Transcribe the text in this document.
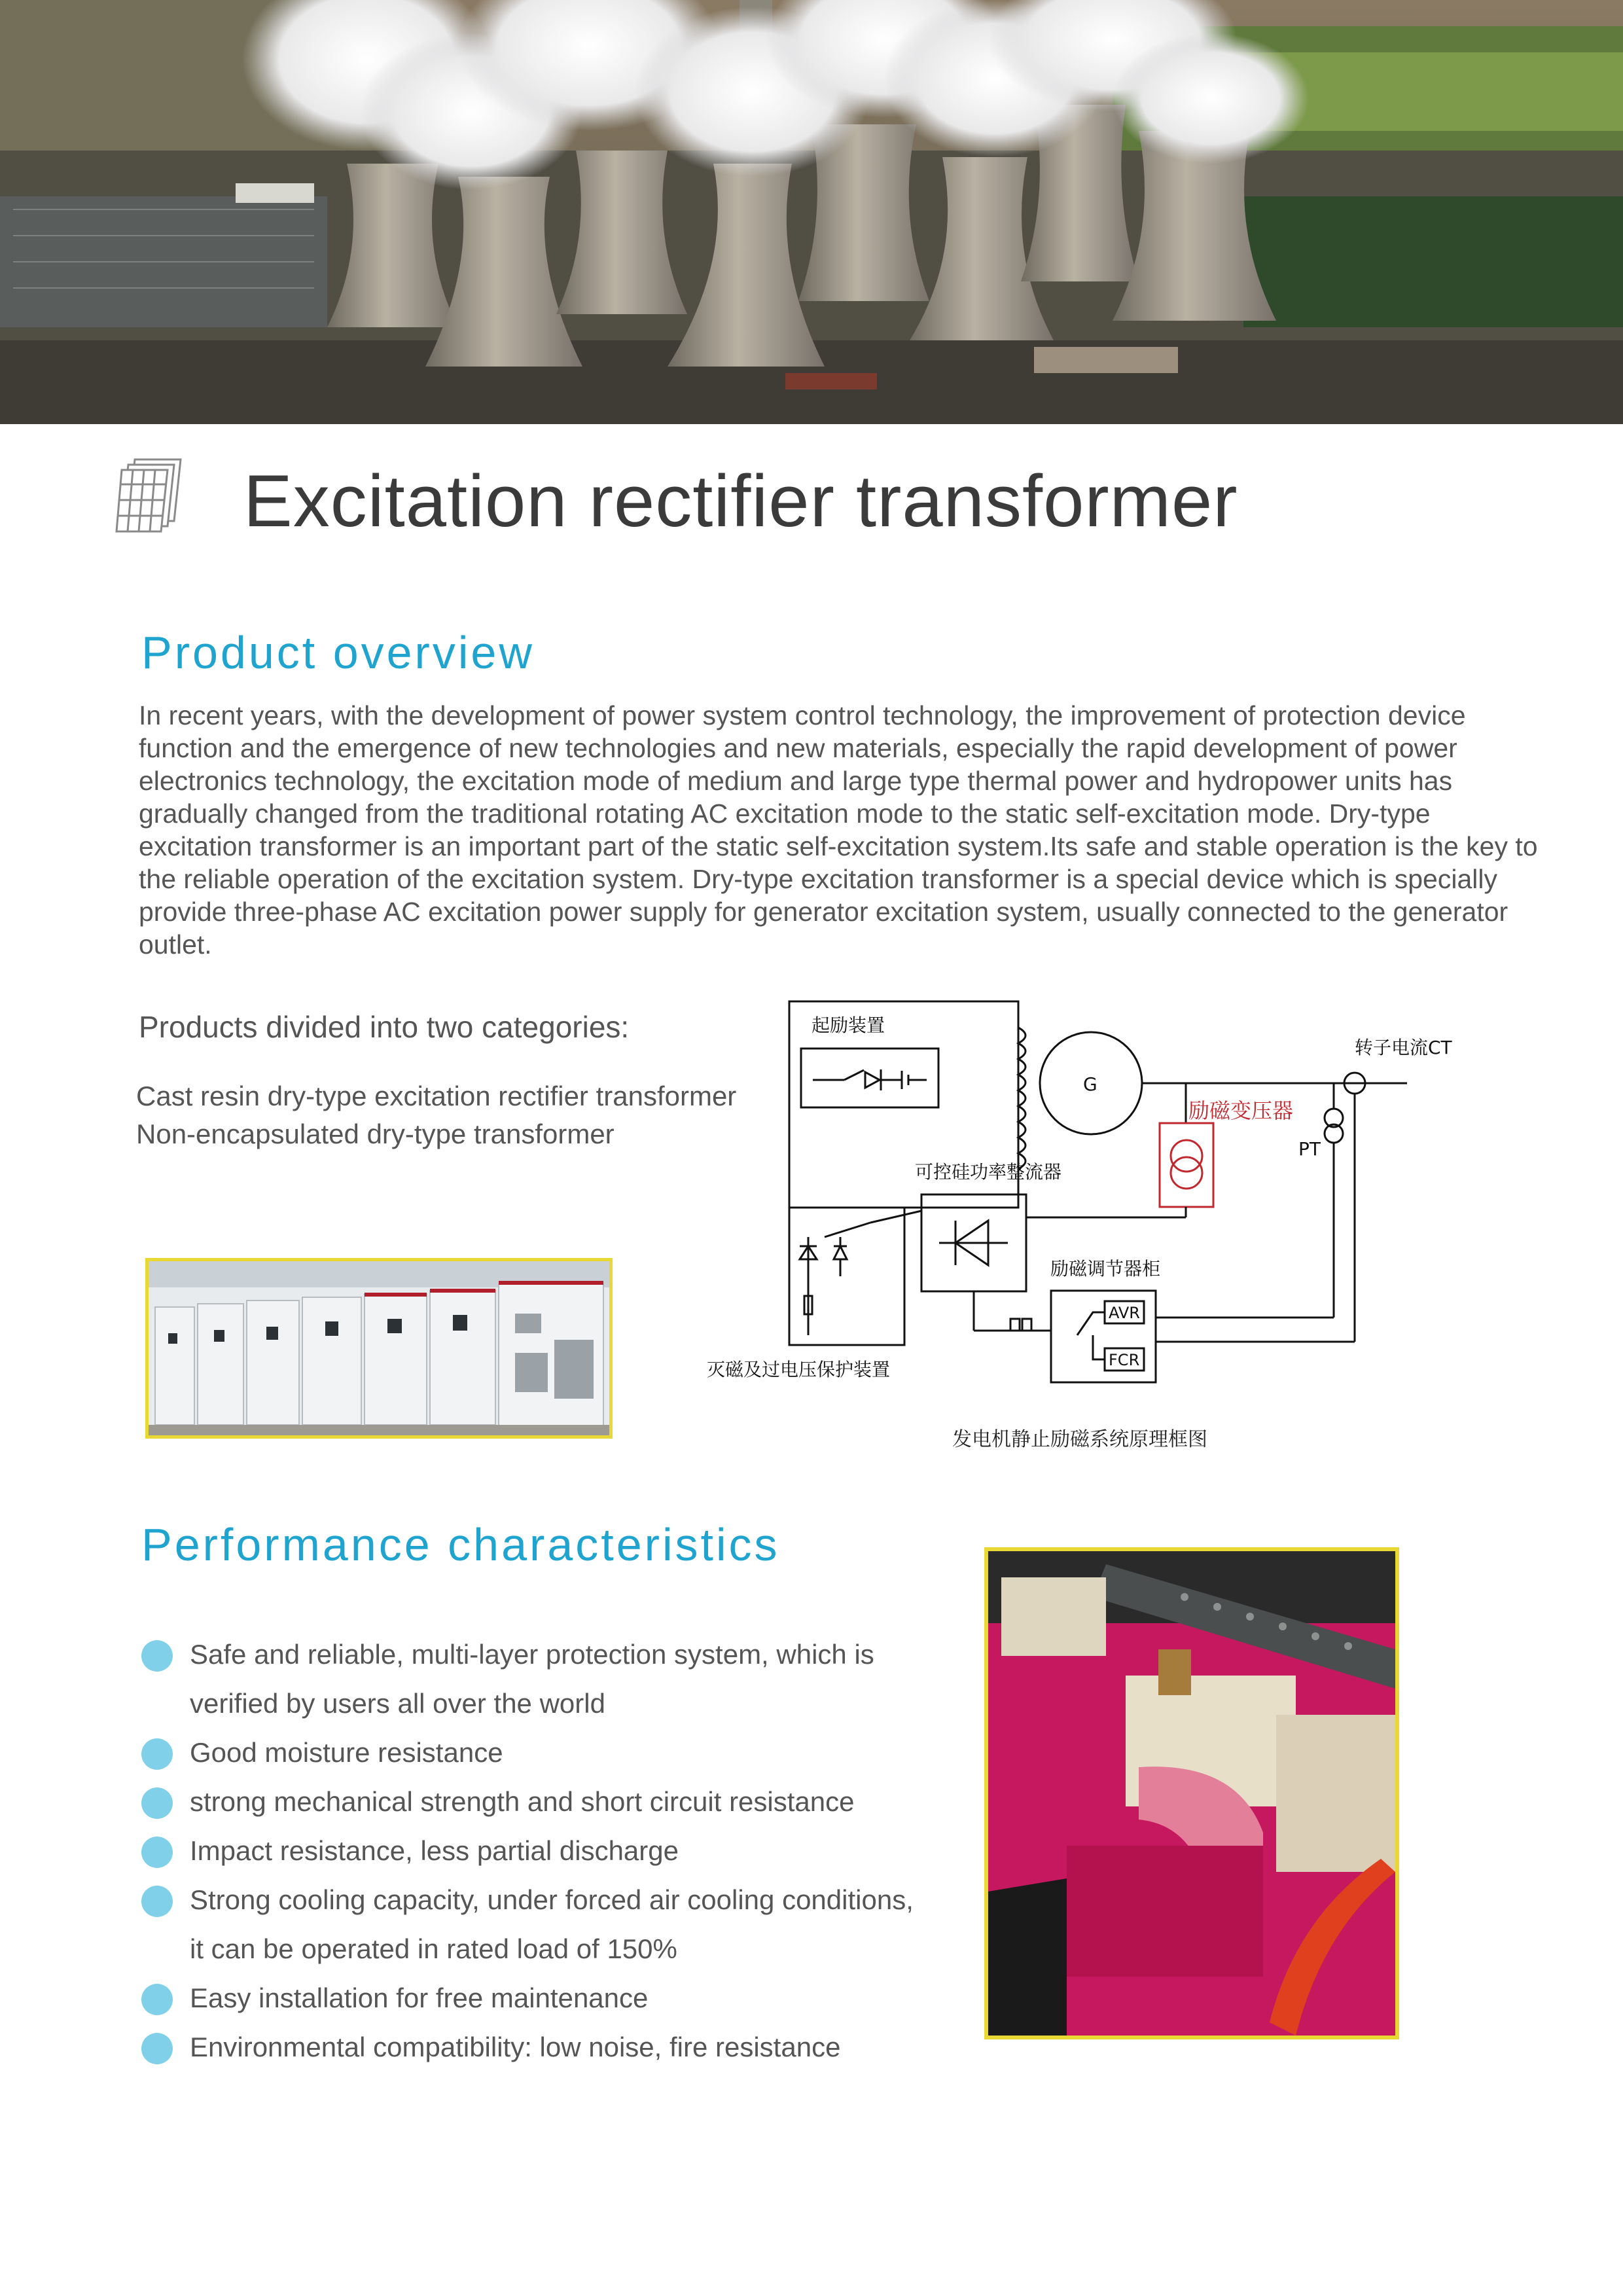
Excitation rectifier transformer
Product overview

In recent years, with the development of power system control technology, the improvement of protection device function and the emergence of new technologies and new materials, especially the rapid development of power electronics technology, the excitation mode of medium and large type thermal power and hydropower units has gradually changed from the traditional rotating AC excitation mode to the static self-excitation mode. Dry-type excitation transformer is an important part of the static self-excitation system.Its safe and stable operation is the key to the reliable operation of the excitation system. Dry-type excitation transformer is a special device which is specially provide three-phase AC excitation power supply for generator excitation system, usually connected to the generator outlet.

Products divided into two categories:
Cast resin dry-type excitation rectifier transformer
Non-encapsulated dry-type transformer
起励装置
G
转子电流CT
PT
励磁变压器
可控硅功率整流器
灭磁及过电压保护装置
励磁调节器柜
AVR
FCR
发电机静止励磁系统原理框图
Performance characteristics
Safe and reliable, multi-layer protection system, which is
verified by users all over the world
Good moisture resistance
strong mechanical strength and short circuit resistance
Impact resistance, less partial discharge
Strong cooling capacity, under forced air cooling conditions,
it can be operated in rated load of 150%
Easy installation for free maintenance
Environmental compatibility: low noise, fire resistance
